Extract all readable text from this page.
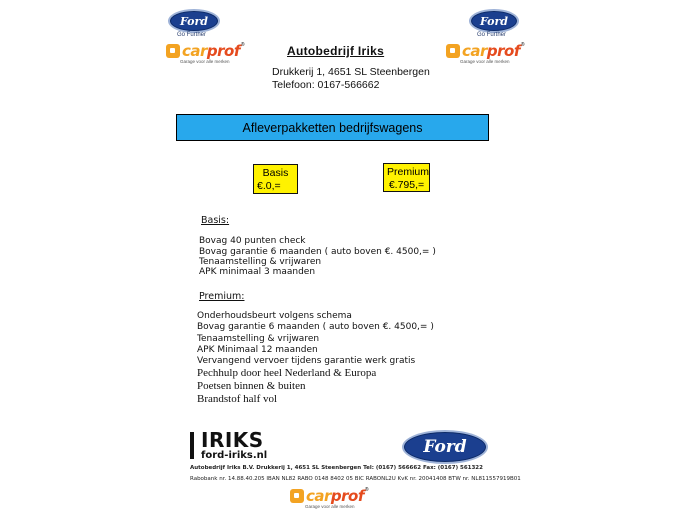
Ford
Go Further
carprof ®
Garage voor alle merken
Ford
Go Further
carprof ®
Garage voor alle merken
Autobedrijf Iriks
Drukkerij 1, 4651 SL Steenbergen
Telefoon: 0167-566662
Afleverpakketten bedrijfswagens
Basis
€.0,=
Premium
€.795,=
Basis:
Bovag 40 punten check
Bovag garantie 6 maanden ( auto boven €. 4500,= )
Tenaamstelling & vrijwaren
APK minimaal 3 maanden
Premium:
Onderhoudsbeurt volgens schema
Bovag garantie 6 maanden ( auto boven €. 4500,= )
Tenaamstelling & vrijwaren
APK Minimaal 12 maanden
Vervangend vervoer tijdens garantie werk gratis
Pechhulp door heel Nederland & Europa
Poetsen binnen & buiten
Brandstof half vol
IRIKS
ford-iriks.nl	Ford
Autobedrijf Iriks B.V. Drukkerij 1, 4651 SL Steenbergen Tel: (0167) 566662 Fax: (0167) 561322
Rabobank nr. 14.88.40.205 IBAN NL82 RABO 0148 8402 05 BIC RABONL2U KvK nr. 20041408 BTW nr. NL811557919B01
carprof ®
Garage voor alle merken
